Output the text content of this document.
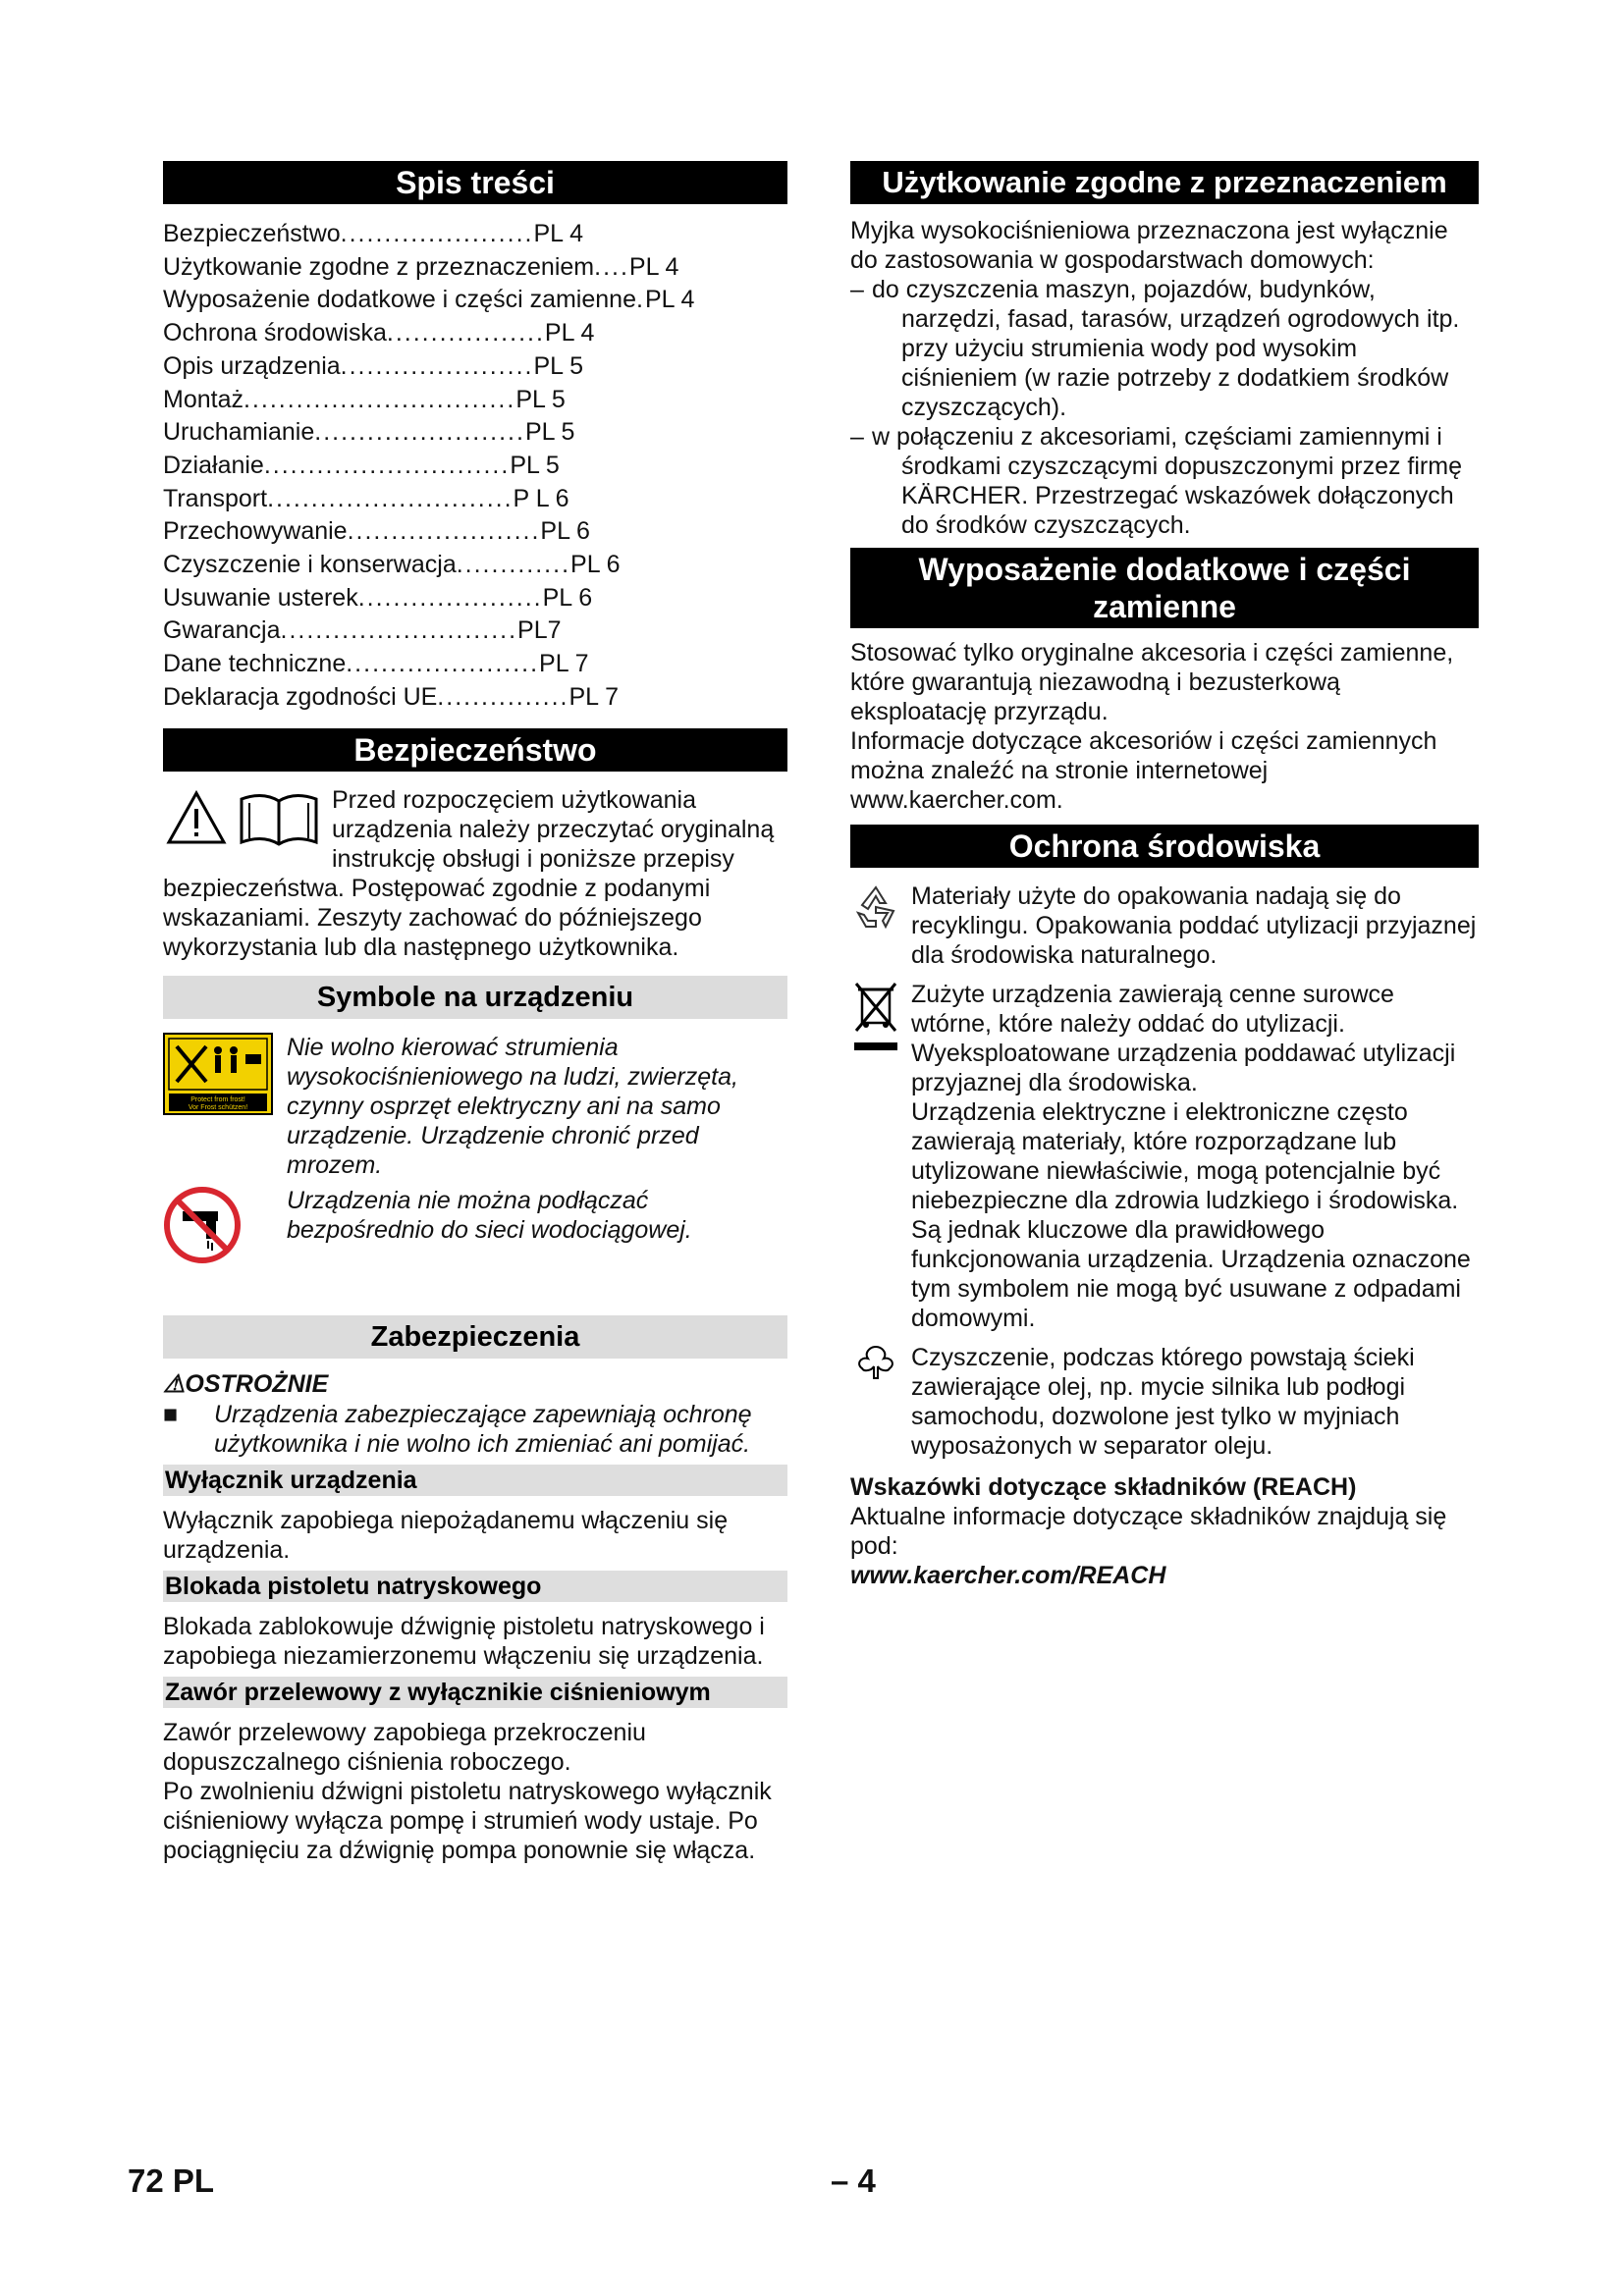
Spis treści
Bezpieczeństwo ...................... PL 4
Użytkowanie zgodne z przeznaczeniem .... PL 4
Wyposażenie dodatkowe i części zamienne . PL 4
Ochrona środowiska .................. PL 4
Opis urządzenia ...................... PL 5
Montaż ............................... PL 5
Uruchamianie ........................ PL 5
Działanie ............................ PL 5
Transport ............................ P L 6
Przechowywanie ...................... PL 6
Czyszczenie i konserwacja ............. PL 6
Usuwanie usterek ..................... PL 6
Gwarancja ........................... PL7
Dane techniczne ...................... PL 7
Deklaracja zgodności UE ............... PL 7
Bezpieczeństwo

Przed rozpoczęciem użytkowania urządzenia należy przeczytać oryginalną instrukcję obsługi i poniższe przepisy bezpieczeństwa. Postępować zgodnie z podanymi wskazaniami. Zeszyty zachować do późniejszego wykorzystania lub dla następnego użytkownika.

Symbole na urządzeniu
Protect from frost!
Vor Frost schützen!
Nie wolno kierować strumienia wysokociśnieniowego na ludzi, zwierzęta, czynny osprzęt elektryczny ani na samo urządzenie. Urządzenie chronić przed mrozem.
Urządzenia nie można podłączać bezpośrednio do sieci wodociągowej.
Zabezpieczenia
⚠OSTROŻNIE
■	Urządzenia zabezpieczające zapewniają ochronę użytkownika i nie wolno ich zmieniać ani pomijać.
Wyłącznik urządzenia

Wyłącznik zapobiega niepożądanemu włączeniu się urządzenia.

Blokada pistoletu natryskowego

Blokada zablokowuje dźwignię pistoletu natryskowego i zapobiega niezamierzonemu włączeniu się urządzenia.

Zawór przelewowy z wyłącznikie ciśnieniowym

Zawór przelewowy zapobiega przekroczeniu dopuszczalnego ciśnienia roboczego.

Po zwolnieniu dźwigni pistoletu natryskowego wyłącznik ciśnieniowy wyłącza pompę i strumień wody ustaje. Po pociągnięciu za dźwignię pompa ponownie się włącza.

Użytkowanie zgodne z przeznaczeniem

Myjka wysokociśnieniowa przeznaczona jest wyłącznie do zastosowania w gospodarstwach domowych:

– do czyszczenia maszyn, pojazdów, budynków, narzędzi, fasad, tarasów, urządzeń ogrodowych itp. przy użyciu strumienia wody pod wysokim ciśnieniem (w razie potrzeby z dodatkiem środków czyszczących).

– w połączeniu z akcesoriami, częściami zamiennymi i środkami czyszczącymi dopuszczonymi przez firmę KÄRCHER. Przestrzegać wskazówek dołączonych do środków czyszczących.

Wyposażenie dodatkowe i części zamienne

Stosować tylko oryginalne akcesoria i części zamienne, które gwarantują niezawodną i bezusterkową eksploatację przyrządu.

Informacje dotyczące akcesoriów i części zamiennych można znaleźć na stronie internetowej www.kaercher.com.

Ochrona środowiska
Materiały użyte do opakowania nadają się do recyklingu. Opakowania poddać utylizacji przyjaznej dla środowiska naturalnego.
Zużyte urządzenia zawierają cenne surowce wtórne, które należy oddać do utylizacji. Wyeksploatowane urządzenia poddawać utylizacji przyjaznej dla środowiska.
Urządzenia elektryczne i elektroniczne często zawierają materiały, które rozporządzane lub utylizowane niewłaściwie, mogą potencjalnie być niebezpieczne dla zdrowia ludzkiego i środowiska. Są jednak kluczowe dla prawidłowego funkcjonowania urządzenia. Urządzenia oznaczone tym symbolem nie mogą być usuwane z odpadami domowymi.
Czyszczenie, podczas którego powstają ścieki zawierające olej, np. mycie silnika lub podłogi samochodu, dozwolone jest tylko w myjniach wyposażonych w separator oleju.
Wskazówki dotyczące składników (REACH)

Aktualne informacje dotyczące składników znajdują się pod:

www.kaercher.com/REACH

72 PL	– 4
